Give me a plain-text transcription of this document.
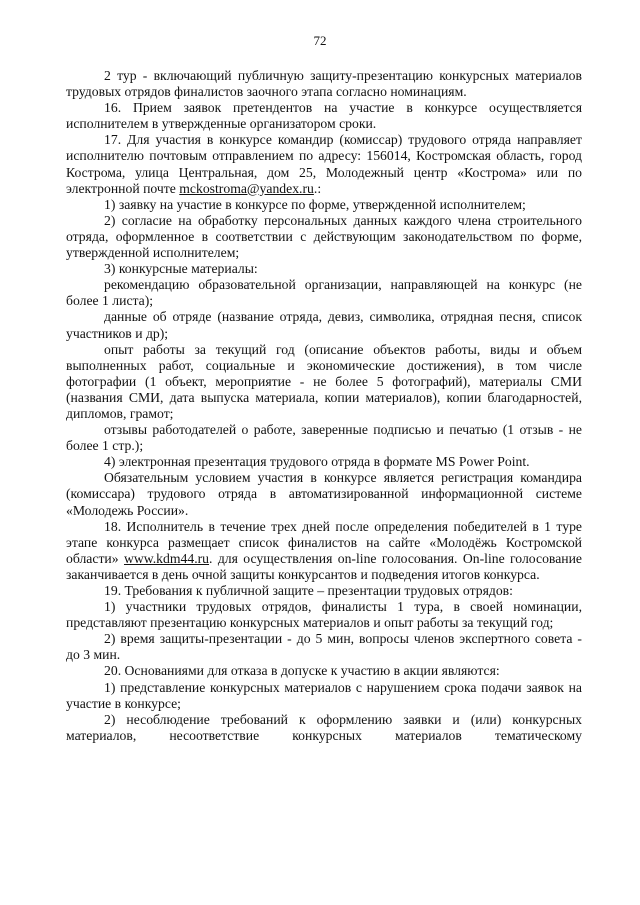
72

2 тур - включающий публичную защиту-презентацию конкурсных материалов трудовых отрядов финалистов заочного этапа согласно номинациям.

16. Прием заявок претендентов на участие в конкурсе осуществляется исполнителем в утвержденные организатором сроки.

17. Для участия в конкурсе командир (комиссар) трудового отряда направляет исполнителю почтовым отправлением по адресу: 156014, Костромская область, город Кострома, улица Центральная, дом 25, Молодежный центр «Кострома» или по электронной почте mckostroma@yandex.ru.:

1) заявку на участие в конкурсе по форме, утвержденной исполнителем;

2) согласие на обработку персональных данных каждого члена строительного отряда, оформленное в соответствии с действующим законодательством по форме, утвержденной исполнителем;

3) конкурсные материалы:

рекомендацию образовательной организации, направляющей на конкурс (не более 1 листа);

данные об отряде (название отряда, девиз, символика, отрядная песня, список участников и др);

опыт работы за текущий год (описание объектов работы, виды и объем выполненных работ, социальные и экономические достижения), в том числе фотографии (1 объект, мероприятие - не более 5 фотографий), материалы СМИ (названия СМИ, дата выпуска материала, копии материалов), копии благодарностей, дипломов, грамот;

отзывы работодателей о работе, заверенные подписью и печатью (1 отзыв - не более 1 стр.);

4) электронная презентация трудового отряда в формате MS Power Point.

Обязательным условием участия в конкурсе является регистрация командира (комиссара) трудового отряда в автоматизированной информационной системе «Молодежь России».

18. Исполнитель в течение трех дней после определения победителей в 1 туре этапе конкурса размещает список финалистов на сайте «Молодёжь Костромской области» www.kdm44.ru. для осуществления on-line голосования. On-line голосование заканчивается в день очной защиты конкурсантов и подведения итогов конкурса.

19. Требования к публичной защите – презентации трудовых отрядов:

1) участники трудовых отрядов, финалисты 1 тура, в своей номинации, представляют презентацию конкурсных материалов и опыт работы за текущий год;

2) время защиты-презентации - до 5 мин, вопросы членов экспертного совета - до 3 мин.

20. Основаниями для отказа в допуске к участию в акции являются:

1) представление конкурсных материалов с нарушением срока подачи заявок на участие в конкурсе;

2) несоблюдение требований к оформлению заявки и (или) конкурсных материалов, несоответствие конкурсных материалов тематическому
